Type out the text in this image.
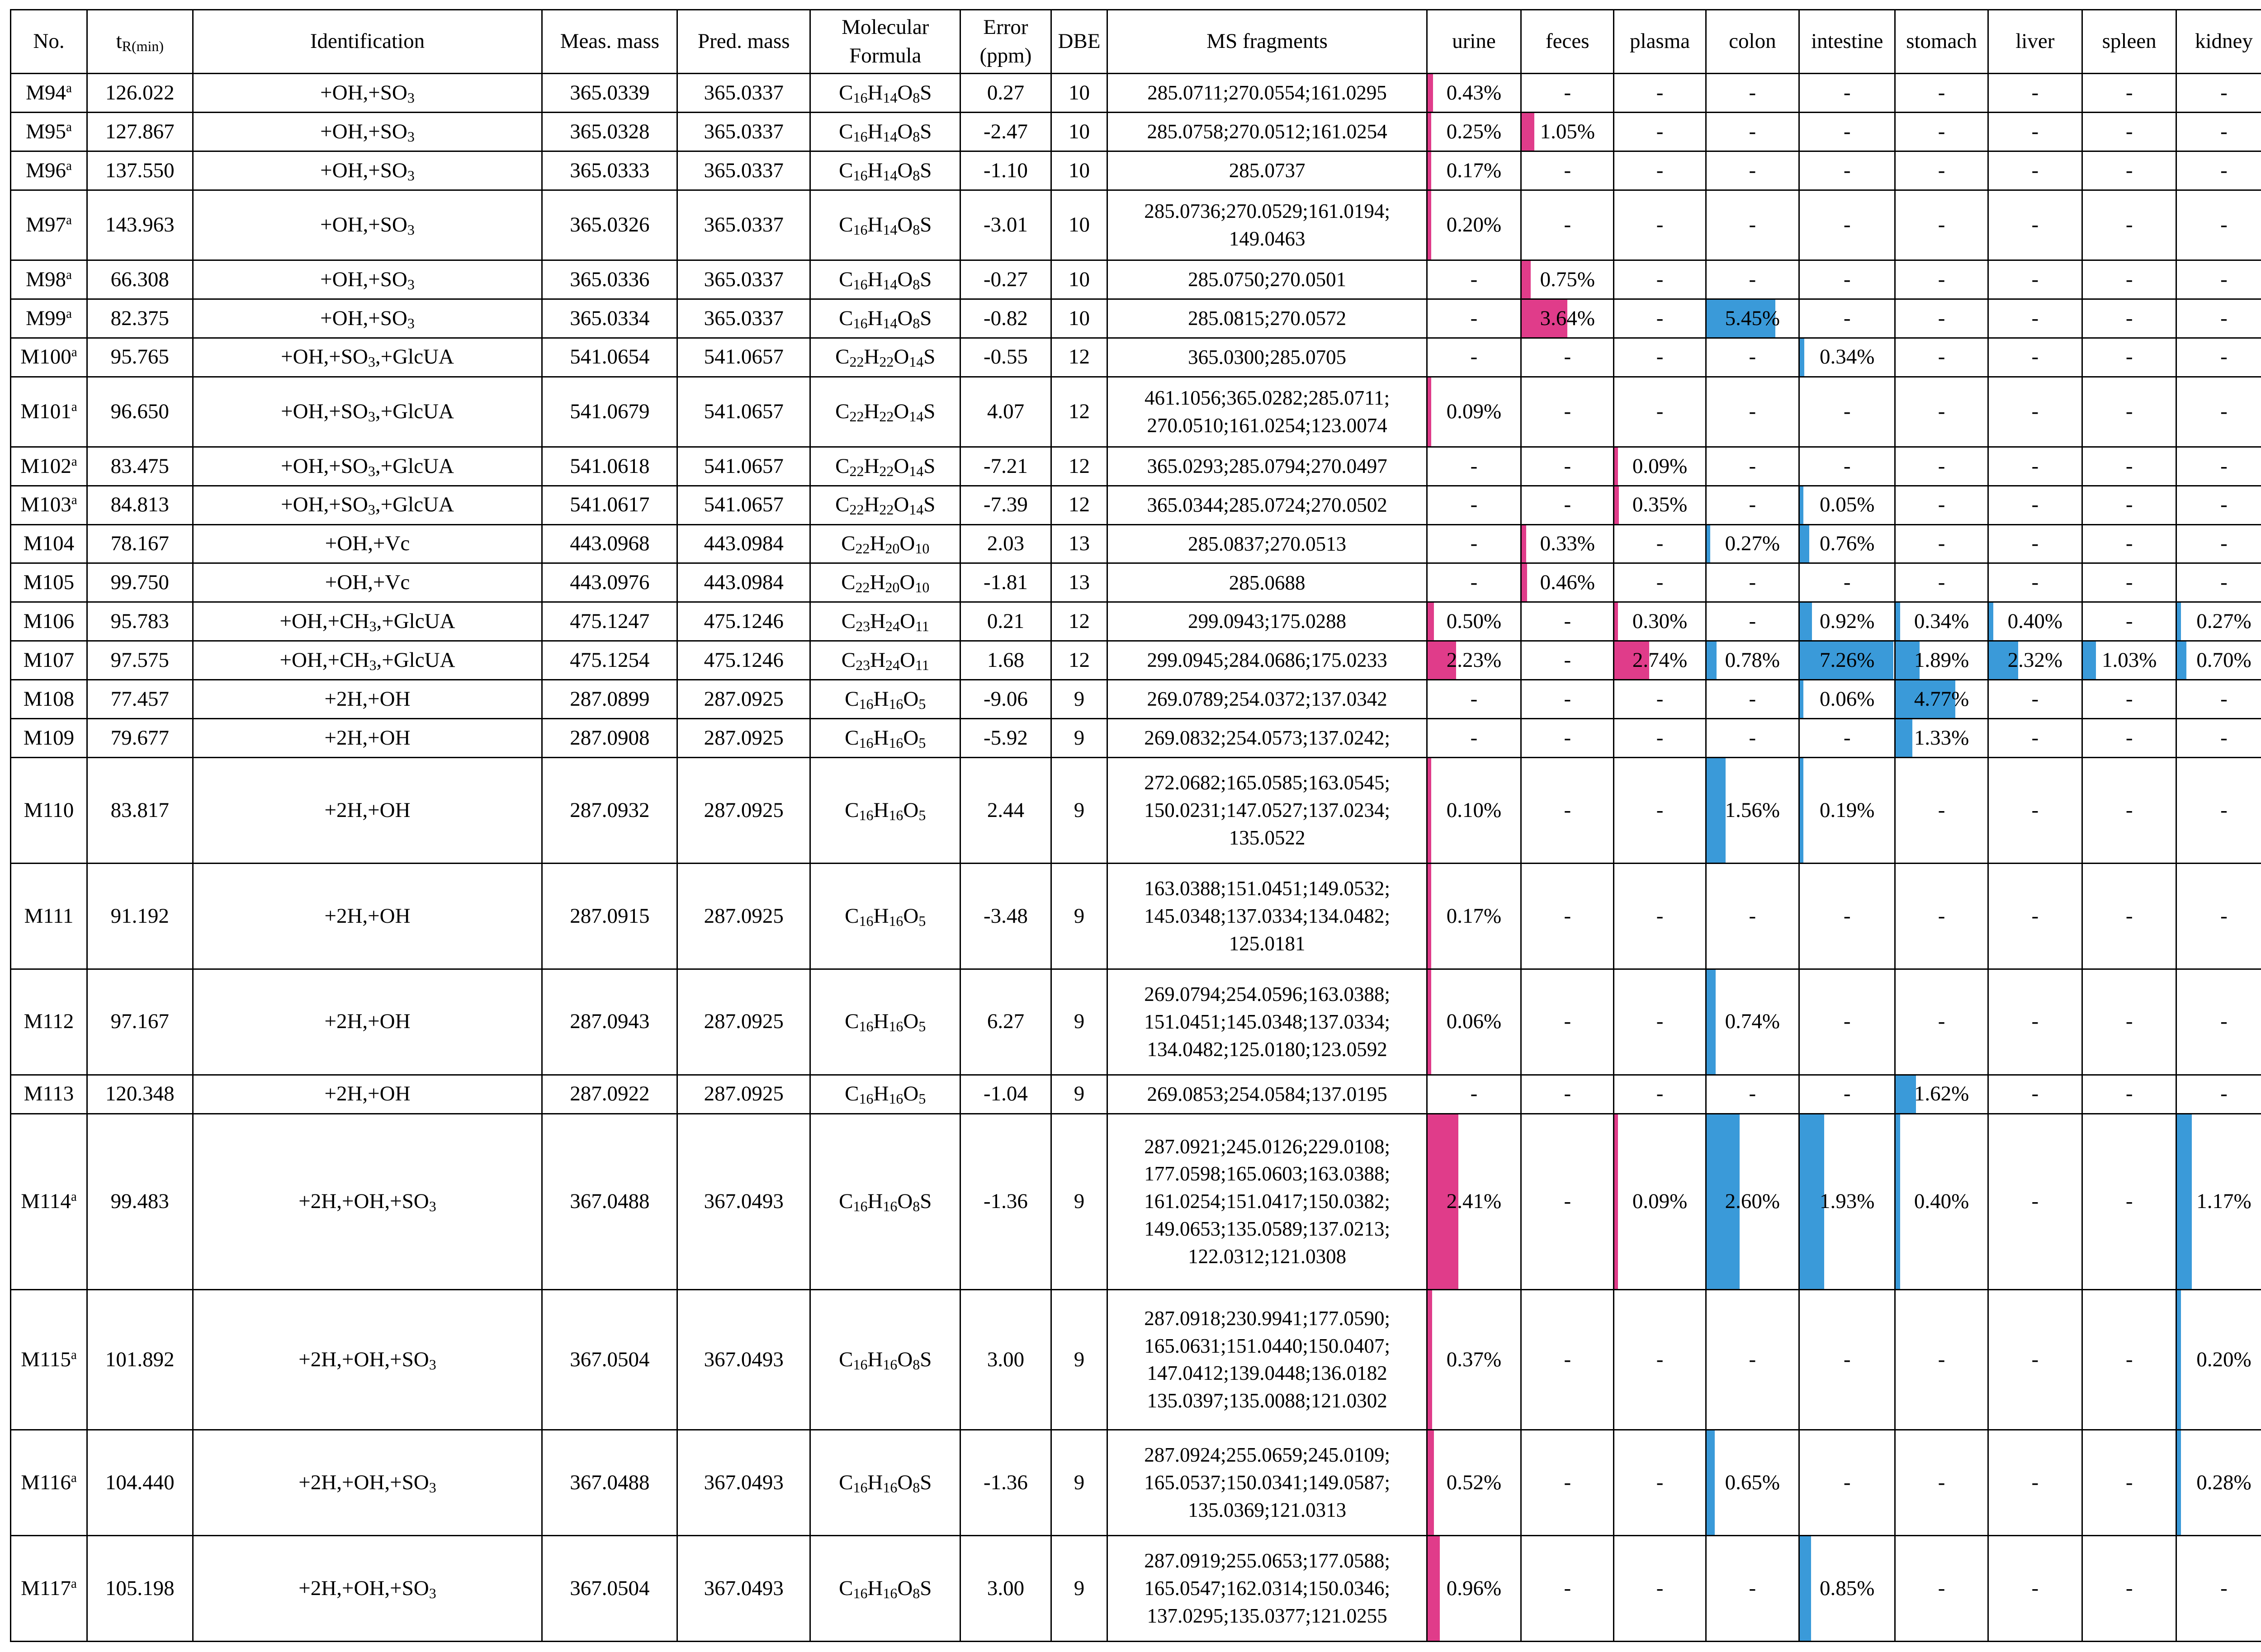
No.	$t_{R(min)}$	Identification	Meas. mass	Pred. mass	Molecular
Formula	Error
(ppm)	DBE	MS fragments	urine	feces	plasma	colon	intestine	stomach	liver	spleen	kidney				
M94$^a$	126.022	$+OH,+SO_3$	365.0339	365.0337	$C_{16}H_{14}O_8S$	0.27	10	285.0711;270.0554;161.0295	0.43%	-	-	-	-	-	-	-	-				
M95$^a$	127.867	$+OH,+SO_3$	365.0328	365.0337	$C_{16}H_{14}O_8S$	-2.47	10	285.0758;270.0512;161.0254	0.25%	1.05%	-	-	-	-	-	-	-				
M96$^a$	137.550	$+OH,+SO_3$	365.0333	365.0337	$C_{16}H_{14}O_8S$	-1.10	10	285.0737	0.17%	-	-	-	-	-	-	-	-				
M97$^a$	143.963	$+OH,+SO_3$	365.0326	365.0337	$C_{16}H_{14}O_8S$	-3.01	10	285.0736;270.0529;161.0194;
149.0463	0.20%	-	-	-	-	-	-	-	-				
M98$^a$	66.308	$+OH,+SO_3$	365.0336	365.0337	$C_{16}H_{14}O_8S$	-0.27	10	285.0750;270.0501	-	0.75%	-	-	-	-	-	-	-				
M99$^a$	82.375	$+OH,+SO_3$	365.0334	365.0337	$C_{16}H_{14}O_8S$	-0.82	10	285.0815;270.0572	-	3.64%	-	5.45%	-	-	-	-	-				
M100$^a$	95.765	$+OH,+SO_3,+GlcUA$	541.0654	541.0657	$C_{22}H_{22}O_{14}S$	-0.55	12	365.0300;285.0705	-	-	-	-	0.34%	-	-	-	-				
M101$^a$	96.650	$+OH,+SO_3,+GlcUA$	541.0679	541.0657	$C_{22}H_{22}O_{14}S$	4.07	12	461.1056;365.0282;285.0711;
270.0510;161.0254;123.0074	0.09%	-	-	-	-	-	-	-	-				
M102$^a$	83.475	$+OH,+SO_3,+GlcUA$	541.0618	541.0657	$C_{22}H_{22}O_{14}S$	-7.21	12	365.0293;285.0794;270.0497	-	-	0.09%	-	-	-	-	-	-				
M103$^a$	84.813	$+OH,+SO_3,+GlcUA$	541.0617	541.0657	$C_{22}H_{22}O_{14}S$	-7.39	12	365.0344;285.0724;270.0502	-	-	0.35%	-	0.05%	-	-	-	-				
M104	78.167	+OH,+Vc	443.0968	443.0984	$C_{22}H_{20}O_{10}$	2.03	13	285.0837;270.0513	-	0.33%	-	0.27%	0.76%	-	-	-	-				
M105	99.750	+OH,+Vc	443.0976	443.0984	$C_{22}H_{20}O_{10}$	-1.81	13	285.0688	-	0.46%	-	-	-	-	-	-	-				
M106	95.783	$+OH,+CH_3,+GlcUA$	475.1247	475.1246	$C_{23}H_{24}O_{11}$	0.21	12	299.0943;175.0288	0.50%	-	0.30%	-	0.92%	0.34%	0.40%	-	0.27%				
M107	97.575	$+OH,+CH_3,+GlcUA$	475.1254	475.1246	$C_{23}H_{24}O_{11}$	1.68	12	299.0945;284.0686;175.0233	2.23%	-	2.74%	0.78%	7.26%	1.89%	2.32%	1.03%	0.70%				

M108	77.457	+2H,+OH	287.0899	287.0925	$C_{16}H_{16}O_5$	-9.06	9	269.0789;254.0372;137.0342	-	-	-	-	0.06%	4.77%	-	-	-				
M109	79.677	+2H,+OH	287.0908	287.0925	$C_{16}H_{16}O_5$	-5.92	9	269.0832;254.0573;137.0242;	-	-	-	-	-	1.33%	-	-	-				
M110	83.817	+2H,+OH	287.0932	287.0925	$C_{16}H_{16}O_5$	2.44	9	272.0682;165.0585;163.0545;
150.0231;147.0527;137.0234;
135.0522	0.10%	-	-	1.56%	0.19%	-	-	-	-				
M111	91.192	+2H,+OH	287.0915	287.0925	$C_{16}H_{16}O_5$	-3.48	9	163.0388;151.0451;149.0532;
145.0348;137.0334;134.0482;
125.0181	0.17%	-	-	-	-	-	-	-	-				
M112	97.167	+2H,+OH	287.0943	287.0925	$C_{16}H_{16}O_5$	6.27	9	269.0794;254.0596;163.0388;
151.0451;145.0348;137.0334;
134.0482;125.0180;123.0592	0.06%	-	-	0.74%	-	-	-	-	-				
M113	120.348	+2H,+OH	287.0922	287.0925	$C_{16}H_{16}O_5$	-1.04	9	269.0853;254.0584;137.0195	-	-	-	-	-	1.62%	-	-	-				
M114$^a$	99.483	$+2H,+OH,+SO_3$	367.0488	367.0493	$C_{16}H_{16}O_8S$	-1.36	9	287.0921;245.0126;229.0108;
177.0598;165.0603;163.0388;
161.0254;151.0417;150.0382;
149.0653;135.0589;137.0213;
122.0312;121.0308	2.41%	-	0.09%	2.60%	1.93%	0.40%	-	-	1.17%				
M115$^a$	101.892	$+2H,+OH,+SO_3$	367.0504	367.0493	$C_{16}H_{16}O_8S$	3.00	9	287.0918;230.9941;177.0590;
165.0631;151.0440;150.0407;
147.0412;139.0448;136.0182
135.0397;135.0088;121.0302	0.37%	-	-	-	-	-	-	-	0.20%				
M116$^a$	104.440	$+2H,+OH,+SO_3$	367.0488	367.0493	$C_{16}H_{16}O_8S$	-1.36	9	287.0924;255.0659;245.0109;
165.0537;150.0341;149.0587;
135.0369;121.0313	0.52%	-	-	0.65%	-	-	-	-	0.28%				
M117$^a$	105.198	$+2H,+OH,+SO_3$	367.0504	367.0493	$C_{16}H_{16}O_8S$	3.00	9	287.0919;255.0653;177.0588;
165.0547;162.0314;150.0346;
137.0295;135.0377;121.0255	0.96%	-	-	-	0.85%	-	-	-	-				
